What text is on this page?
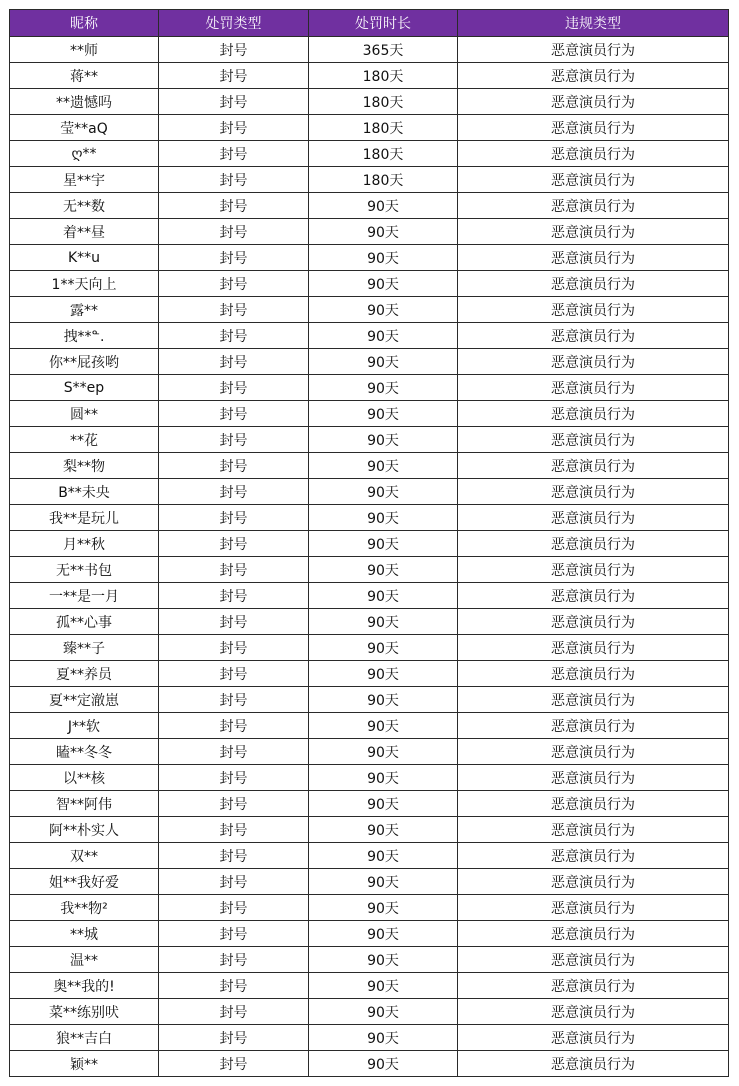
昵称	处罚类型	处罚时长	违规类型
**师	封号	365天	恶意演员行为
蒋**	封号	180天	恶意演员行为
**遗憾吗	封号	180天	恶意演员行为
莹**aQ	封号	180天	恶意演员行为
ღ**	封号	180天	恶意演员行为
星**宇	封号	180天	恶意演员行为
无**数	封号	90天	恶意演员行为
着**昼	封号	90天	恶意演员行为
K**u	封号	90天	恶意演员行为
1**天向上	封号	90天	恶意演员行为
露**	封号	90天	恶意演员行为
拽**ᓐ.	封号	90天	恶意演员行为
你**屁孩哟	封号	90天	恶意演员行为
S**ep	封号	90天	恶意演员行为
圆**	封号	90天	恶意演员行为
**花	封号	90天	恶意演员行为
梨**物	封号	90天	恶意演员行为
B**未央	封号	90天	恶意演员行为
我**是玩儿	封号	90天	恶意演员行为
月**秋	封号	90天	恶意演员行为
无**书包	封号	90天	恶意演员行为
一**是一月	封号	90天	恶意演员行为
孤**心事	封号	90天	恶意演员行为
臻**子	封号	90天	恶意演员行为
夏**养员	封号	90天	恶意演员行为
夏**定澈崽	封号	90天	恶意演员行为
J**软	封号	90天	恶意演员行为
瞌**冬冬	封号	90天	恶意演员行为
以**核	封号	90天	恶意演员行为
智**阿伟	封号	90天	恶意演员行为
阿**朴实人	封号	90天	恶意演员行为
双**	封号	90天	恶意演员行为
姐**我好爱	封号	90天	恶意演员行为
我**物²	封号	90天	恶意演员行为
**城	封号	90天	恶意演员行为
温**	封号	90天	恶意演员行为
奥**我的!	封号	90天	恶意演员行为
菜**练别吠	封号	90天	恶意演员行为
狼**吉白	封号	90天	恶意演员行为
颖**	封号	90天	恶意演员行为
